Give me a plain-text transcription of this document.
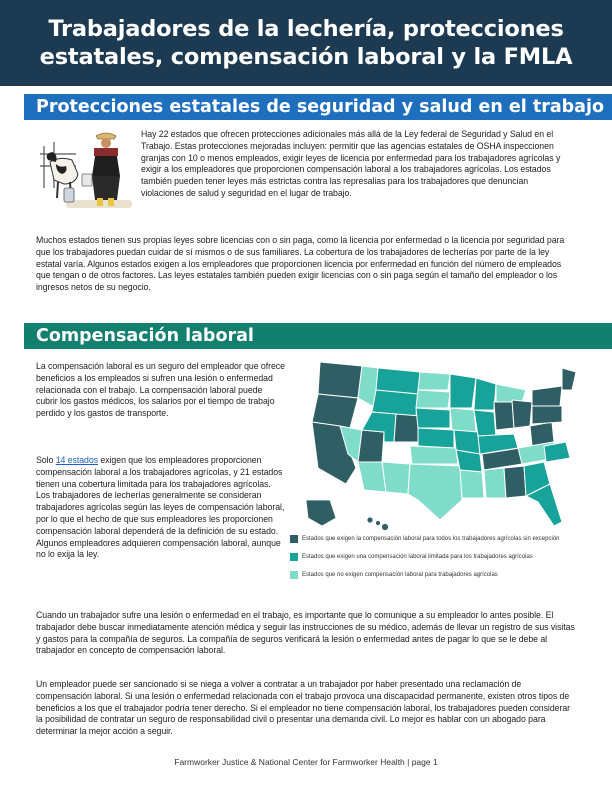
Trabajadores de la lechería, protecciones estatales, compensación laboral y la FMLA
Protecciones estatales de seguridad y salud en el trabajo

Hay 22 estados que ofrecen protecciones adicionales más allá de la Ley federal de Seguridad y Salud en el Trabajo. Estas protecciones mejoradas incluyen: permitir que las agencias estatales de OSHA inspeccionen granjas con 10 o menos empleados, exigir leyes de licencia por enfermedad para los trabajadores agrícolas y exigir a los empleadores que proporcionen compensación laboral a los trabajadores agrícolas. Los estados también pueden tener leyes más estrictas contra las represalias para los trabajadores que denuncian violaciones de salud y seguridad en el lugar de trabajo.

Muchos estados tienen sus propias leyes sobre licencias con o sin paga, como la licencia por enfermedad o la licencia por seguridad para que los trabajadores puedan cuidar de sí mismos o de sus familiares. La cobertura de los trabajadores de lecherías por parte de la ley estatal varía. Algunos estados exigen a los empleadores que proporcionen licencia por enfermedad en función del número de empleados que tengan o de otros factores. Las leyes estatales también pueden exigir licencias con o sin paga según el tamaño del empleador o los ingresos netos de su negocio.

Compensación laboral

La compensación laboral es un seguro del empleador que ofrece beneficios a los empleados si sufren una lesión o enfermedad relacionada con el trabajo. La compensación laboral puede cubrir los gastos médicos, los salarios por el tiempo de trabajo perdido y los gastos de transporte.

Solo 14 estados exigen que los empleadores proporcionen compensación laboral a los trabajadores agrícolas, y 21 estados tienen una cobertura limitada para los trabajadores agrícolas. Los trabajadores de lecherías generalmente se consideran trabajadores agrícolas según las leyes de compensación laboral, por lo que el hecho de que sus empleadores les proporcionen compensación laboral dependerá de la definición de su estado. Algunos empleadores adquieren compensación laboral, aunque no lo exija la ley.

Estados que exigen la compensación laboral para todos los trabajadores agrícolas sin excepción
Estados que exigen una compensación laboral limitada para los trabajadores agrícolas
Estados que no exigen compensación laboral para trabajadores agrícolas

Cuando un trabajador sufre una lesión o enfermedad en el trabajo, es importante que lo comunique a su empleador lo antes posible. El trabajador debe buscar inmediatamente atención médica y seguir las instrucciones de su médico, además de llevar un registro de sus visitas y gastos para la compañía de seguros. La compañía de seguros verificará la lesión o enfermedad antes de pagar lo que se le debe al trabajador en concepto de compensación laboral.

Un empleador puede ser sancionado si se niega a volver a contratar a un trabajador por haber presentado una reclamación de compensación laboral. Si una lesión o enfermedad relacionada con el trabajo provoca una discapacidad permanente, existen otros tipos de beneficios a los que el trabajador podría tener derecho. Si el empleador no tiene compensación laboral, los trabajadores pueden considerar la posibilidad de contratar un seguro de responsabilidad civil o presentar una demanda civil. Lo mejor es hablar con un abogado para determinar la mejor acción a seguir.

Farmworker Justice & National Center for Farmworker Health | page 1
